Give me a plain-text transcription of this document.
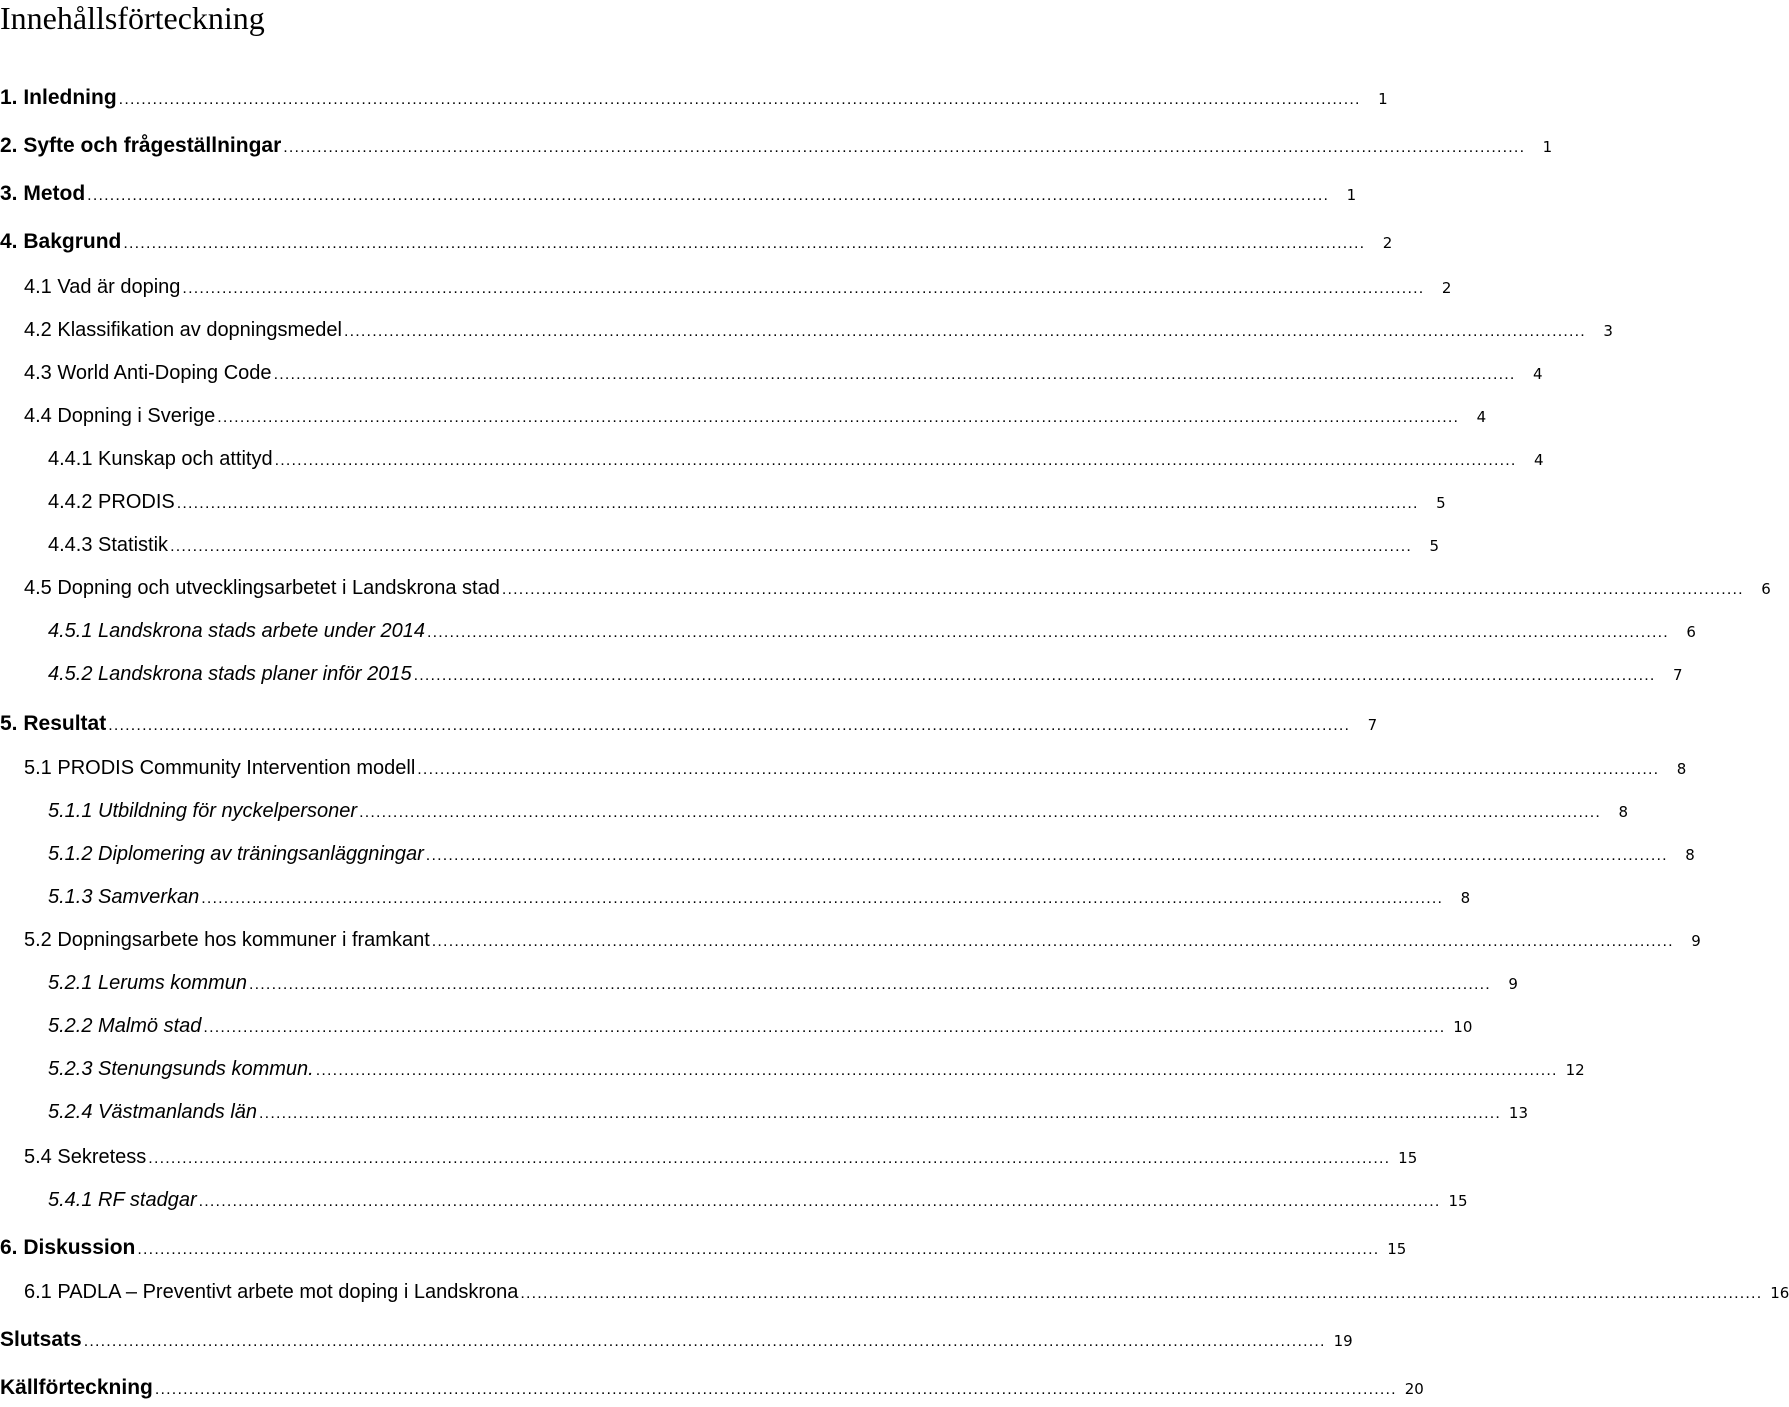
Innehållsförteckning
1. Inledning ............................................................................................................................................................................................................................	1
2. Syfte och frågeställningar ............................................................................................................................................................................................................................	1
3. Metod ............................................................................................................................................................................................................................	1
4. Bakgrund ............................................................................................................................................................................................................................	2
4.1 Vad är doping ............................................................................................................................................................................................................................	2
4.2 Klassifikation av dopningsmedel ............................................................................................................................................................................................................................	3
4.3 World Anti-Doping Code ............................................................................................................................................................................................................................	4
4.4 Dopning i Sverige ............................................................................................................................................................................................................................	4
4.4.1 Kunskap och attityd ............................................................................................................................................................................................................................	4
4.4.2 PRODIS ............................................................................................................................................................................................................................	5
4.4.3 Statistik ............................................................................................................................................................................................................................	5
4.5 Dopning och utvecklingsarbetet i Landskrona stad ............................................................................................................................................................................................................................	6
4.5.1 Landskrona stads arbete under 2014 ............................................................................................................................................................................................................................	6
4.5.2 Landskrona stads planer inför 2015 ............................................................................................................................................................................................................................	7
5. Resultat ............................................................................................................................................................................................................................	7
5.1 PRODIS Community Intervention modell ............................................................................................................................................................................................................................	8
5.1.1 Utbildning för nyckelpersoner ............................................................................................................................................................................................................................	8
5.1.2 Diplomering av träningsanläggningar ............................................................................................................................................................................................................................	8
5.1.3 Samverkan ............................................................................................................................................................................................................................	8
5.2 Dopningsarbete hos kommuner i framkant ............................................................................................................................................................................................................................	9
5.2.1 Lerums kommun ............................................................................................................................................................................................................................	9
5.2.2 Malmö stad ............................................................................................................................................................................................................................ 10
5.2.3 Stenungsunds kommun. ............................................................................................................................................................................................................................ 12
5.2.4 Västmanlands län ............................................................................................................................................................................................................................ 13
5.4 Sekretess ............................................................................................................................................................................................................................ 15
5.4.1 RF stadgar ............................................................................................................................................................................................................................ 15
6. Diskussion ............................................................................................................................................................................................................................ 15
6.1 PADLA – Preventivt arbete mot doping i Landskrona ............................................................................................................................................................................................................................ 16
Slutsats ............................................................................................................................................................................................................................ 19
Källförteckning ............................................................................................................................................................................................................................ 20
